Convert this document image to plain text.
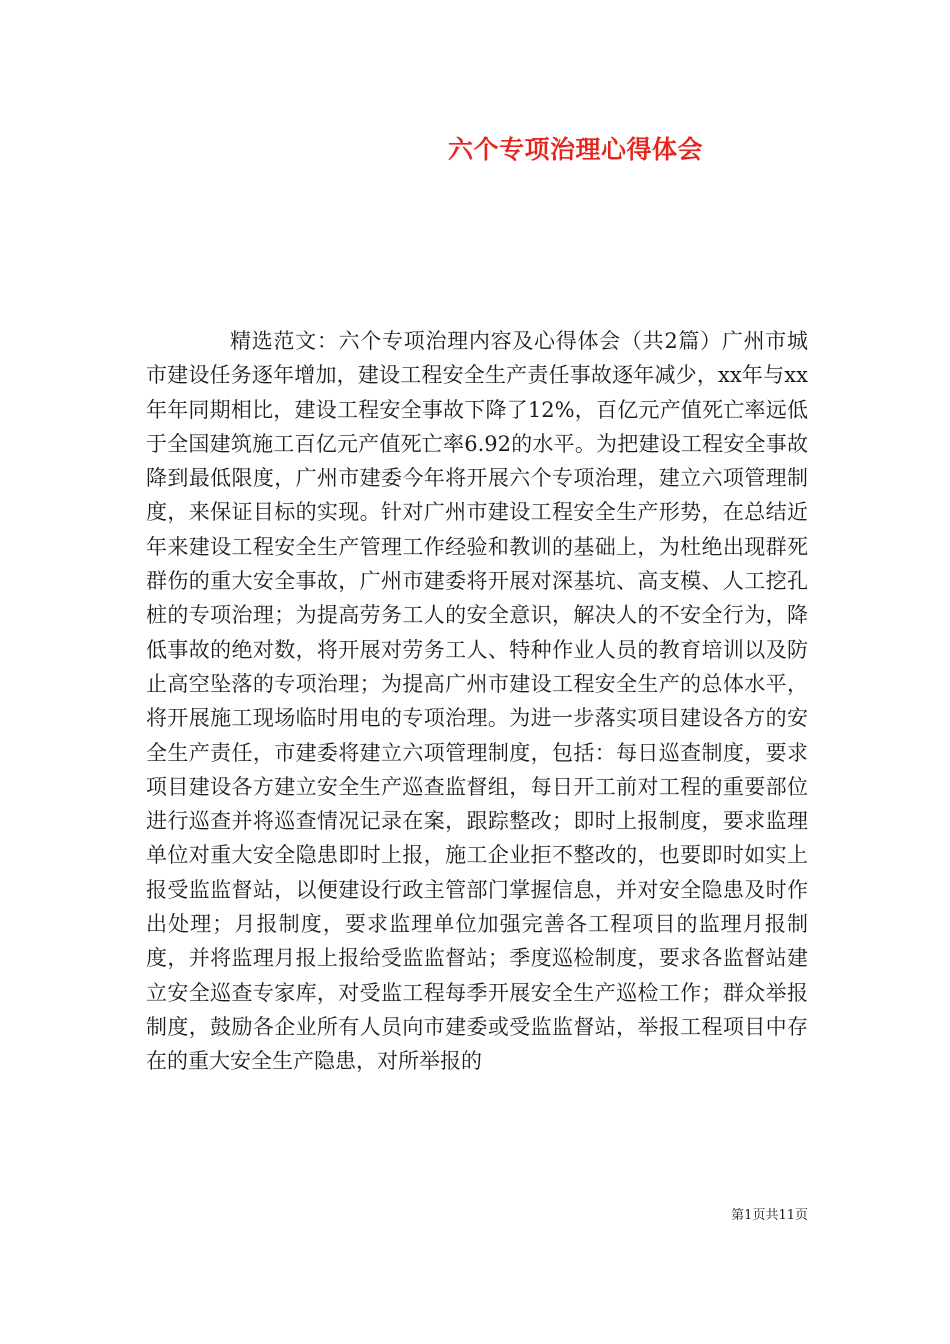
六个专项治理心得体会

精选范文：六个专项治理内容及心得体会（共2篇）广州市城市建设任务逐年增加，建设工程安全生产责任事故逐年减少，xx年与xx年年同期相比，建设工程安全事故下降了12%，百亿元产值死亡率远低于全国建筑施工百亿元产值死亡率6.92的水平。为把建设工程安全事故降到最低限度，广州市建委今年将开展六个专项治理，建立六项管理制度，来保证目标的实现。针对广州市建设工程安全生产形势，在总结近年来建设工程安全生产管理工作经验和教训的基础上，为杜绝出现群死群伤的重大安全事故，广州市建委将开展对深基坑、高支模、人工挖孔桩的专项治理；为提高劳务工人的安全意识，解决人的不安全行为，降低事故的绝对数，将开展对劳务工人、特种作业人员的教育培训以及防止高空坠落的专项治理；为提高广州市建设工程安全生产的总体水平，将开展施工现场临时用电的专项治理。为进一步落实项目建设各方的安全生产责任，市建委将建立六项管理制度，包括：每日巡查制度，要求项目建设各方建立安全生产巡查监督组，每日开工前对工程的重要部位进行巡查并将巡查情况记录在案，跟踪整改；即时上报制度，要求监理单位对重大安全隐患即时上报，施工企业拒不整改的，也要即时如实上报受监监督站，以便建设行政主管部门掌握信息，并对安全隐患及时作出处理；月报制度，要求监理单位加强完善各工程项目的监理月报制度，并将监理月报上报给受监监督站；季度巡检制度，要求各监督站建立安全巡查专家库，对受监工程每季开展安全生产巡检工作；群众举报制度，鼓励各企业所有人员向市建委或受监监督站，举报工程项目中存在的重大安全生产隐患，对所举报的

第1页共11页
